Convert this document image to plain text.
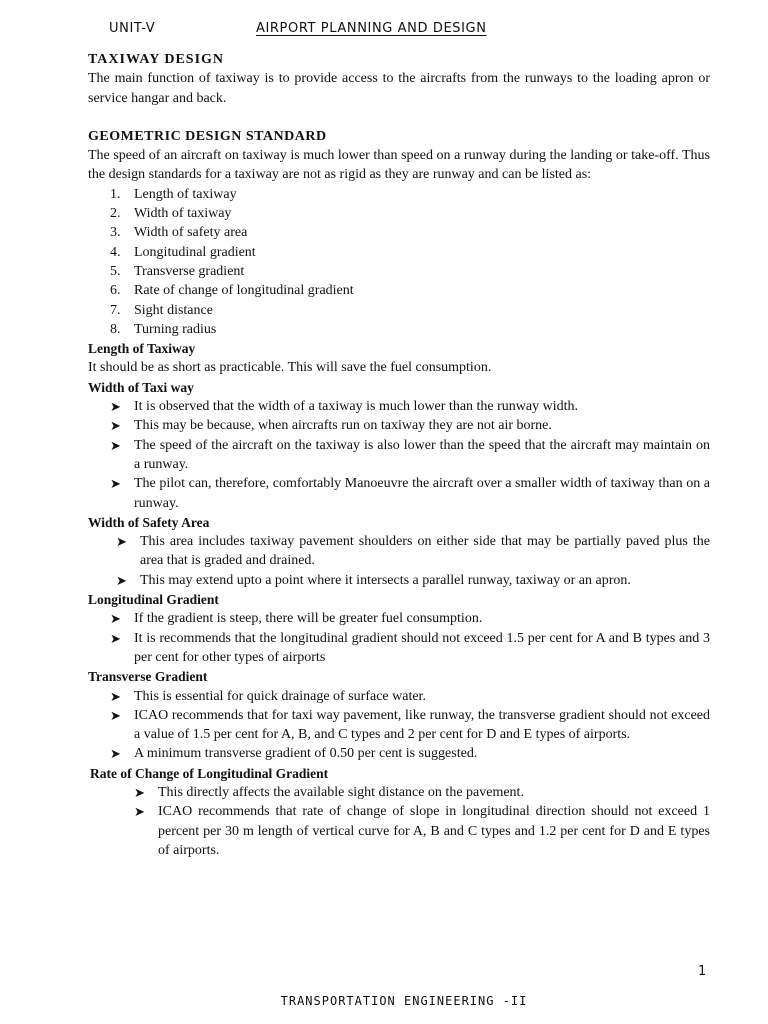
UNIT-V	AIRPORT PLANNING AND DESIGN

TAXIWAY DESIGN

The main function of taxiway is to provide access to the aircrafts from the runways to the loading apron or service hangar and back.

GEOMETRIC DESIGN STANDARD

The speed of an aircraft on taxiway is much lower than speed on a runway during the landing or take-off. Thus the design standards for a taxiway are not as rigid as they are runway and can be listed as:

1. Length of taxiway
2. Width of taxiway
3. Width of safety area
4. Longitudinal gradient
5. Transverse gradient
6. Rate of change of longitudinal gradient
7. Sight distance
8. Turning radius

Length of Taxiway

It should be as short as practicable. This will save the fuel consumption.

Width of Taxi way

➤ It is observed that the width of a taxiway is much lower than the runway width.
➤ This may be because, when aircrafts run on taxiway they are not air borne.
➤ The speed of the aircraft on the taxiway is also lower than the speed that the aircraft may maintain on a runway.
➤ The pilot can, therefore, comfortably Manoeuvre the aircraft over a smaller width of taxiway than on a runway.

Width of Safety Area

➤ This area includes taxiway pavement shoulders on either side that may be partially paved plus the area that is graded and drained.
➤ This may extend upto a point where it intersects a parallel runway, taxiway or an apron.

Longitudinal Gradient

➤ If the gradient is steep, there will be greater fuel consumption.
➤ It is recommends that the longitudinal gradient should not exceed 1.5 per cent for A and B types and 3 per cent for other types of airports

Transverse Gradient

➤ This is essential for quick drainage of surface water.
➤ ICAO recommends that for taxi way pavement, like runway, the transverse gradient should not exceed a value of 1.5 per cent for A, B, and C types and 2 per cent for D and E types of airports.
➤ A minimum transverse gradient of 0.50 per cent is suggested.

Rate of Change of Longitudinal Gradient

➤ This directly affects the available sight distance on the pavement.
➤ ICAO recommends that rate of change of slope in longitudinal direction should not exceed 1 percent per 30 m length of vertical curve for A, B and C types and 1.2 per cent for D and E types of airports.
1
TRANSPORTATION ENGINEERING -II
